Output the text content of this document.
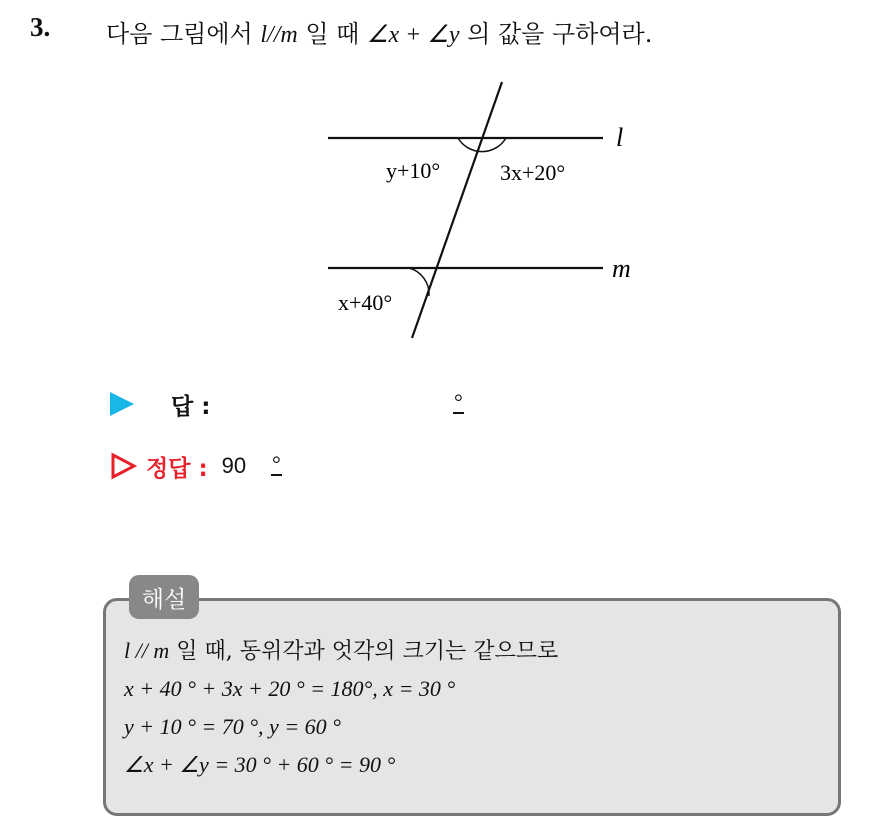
3. 다음 그림에서 l//m 일 때 ∠x + ∠y 의 값을 구하여라.
l
m
y+10°	3x+20°
x+40°
답 :	°
정답 : 90 °
해설
l // m 일 때, 동위각과 엇각의 크기는 같으므로
x + 40 ° + 3x + 20 ° = 180°, x = 30 °
y + 10 ° = 70 °, y = 60 °
∠x + ∠y = 30 ° + 60 ° = 90 °
